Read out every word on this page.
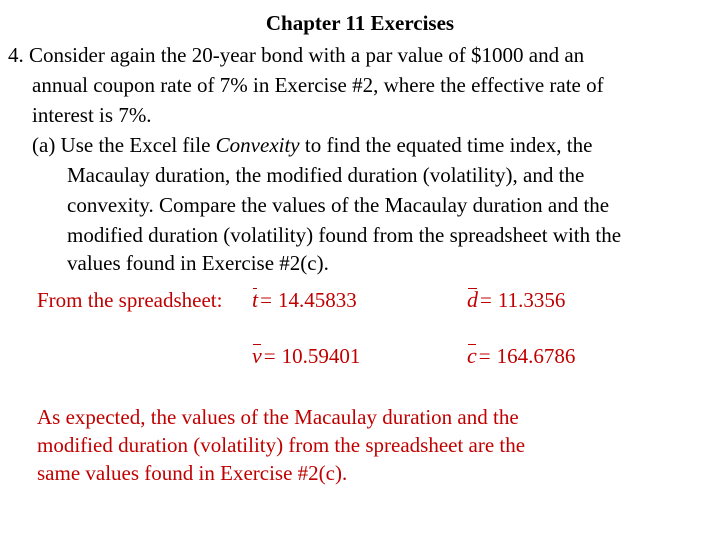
Chapter 11 Exercises
4. Consider again the 20-year bond with a par value of $1000 and an
annual coupon rate of 7% in Exercise #2, where the effective rate of
interest is 7%.
(a) Use the Excel file Convexity to find the equated time index, the
Macaulay duration, the modified duration (volatility), and the
convexity. Compare the values of the Macaulay duration and the
modified duration (volatility) found from the spreadsheet with the
values found in Exercise #2(c).
From the spreadsheet: t= 14.45833	d= 11.3356
v= 10.59401	c= 164.6786
As expected, the values of the Macaulay duration and the
modified duration (volatility) from the spreadsheet are the
same values found in Exercise #2(c).
